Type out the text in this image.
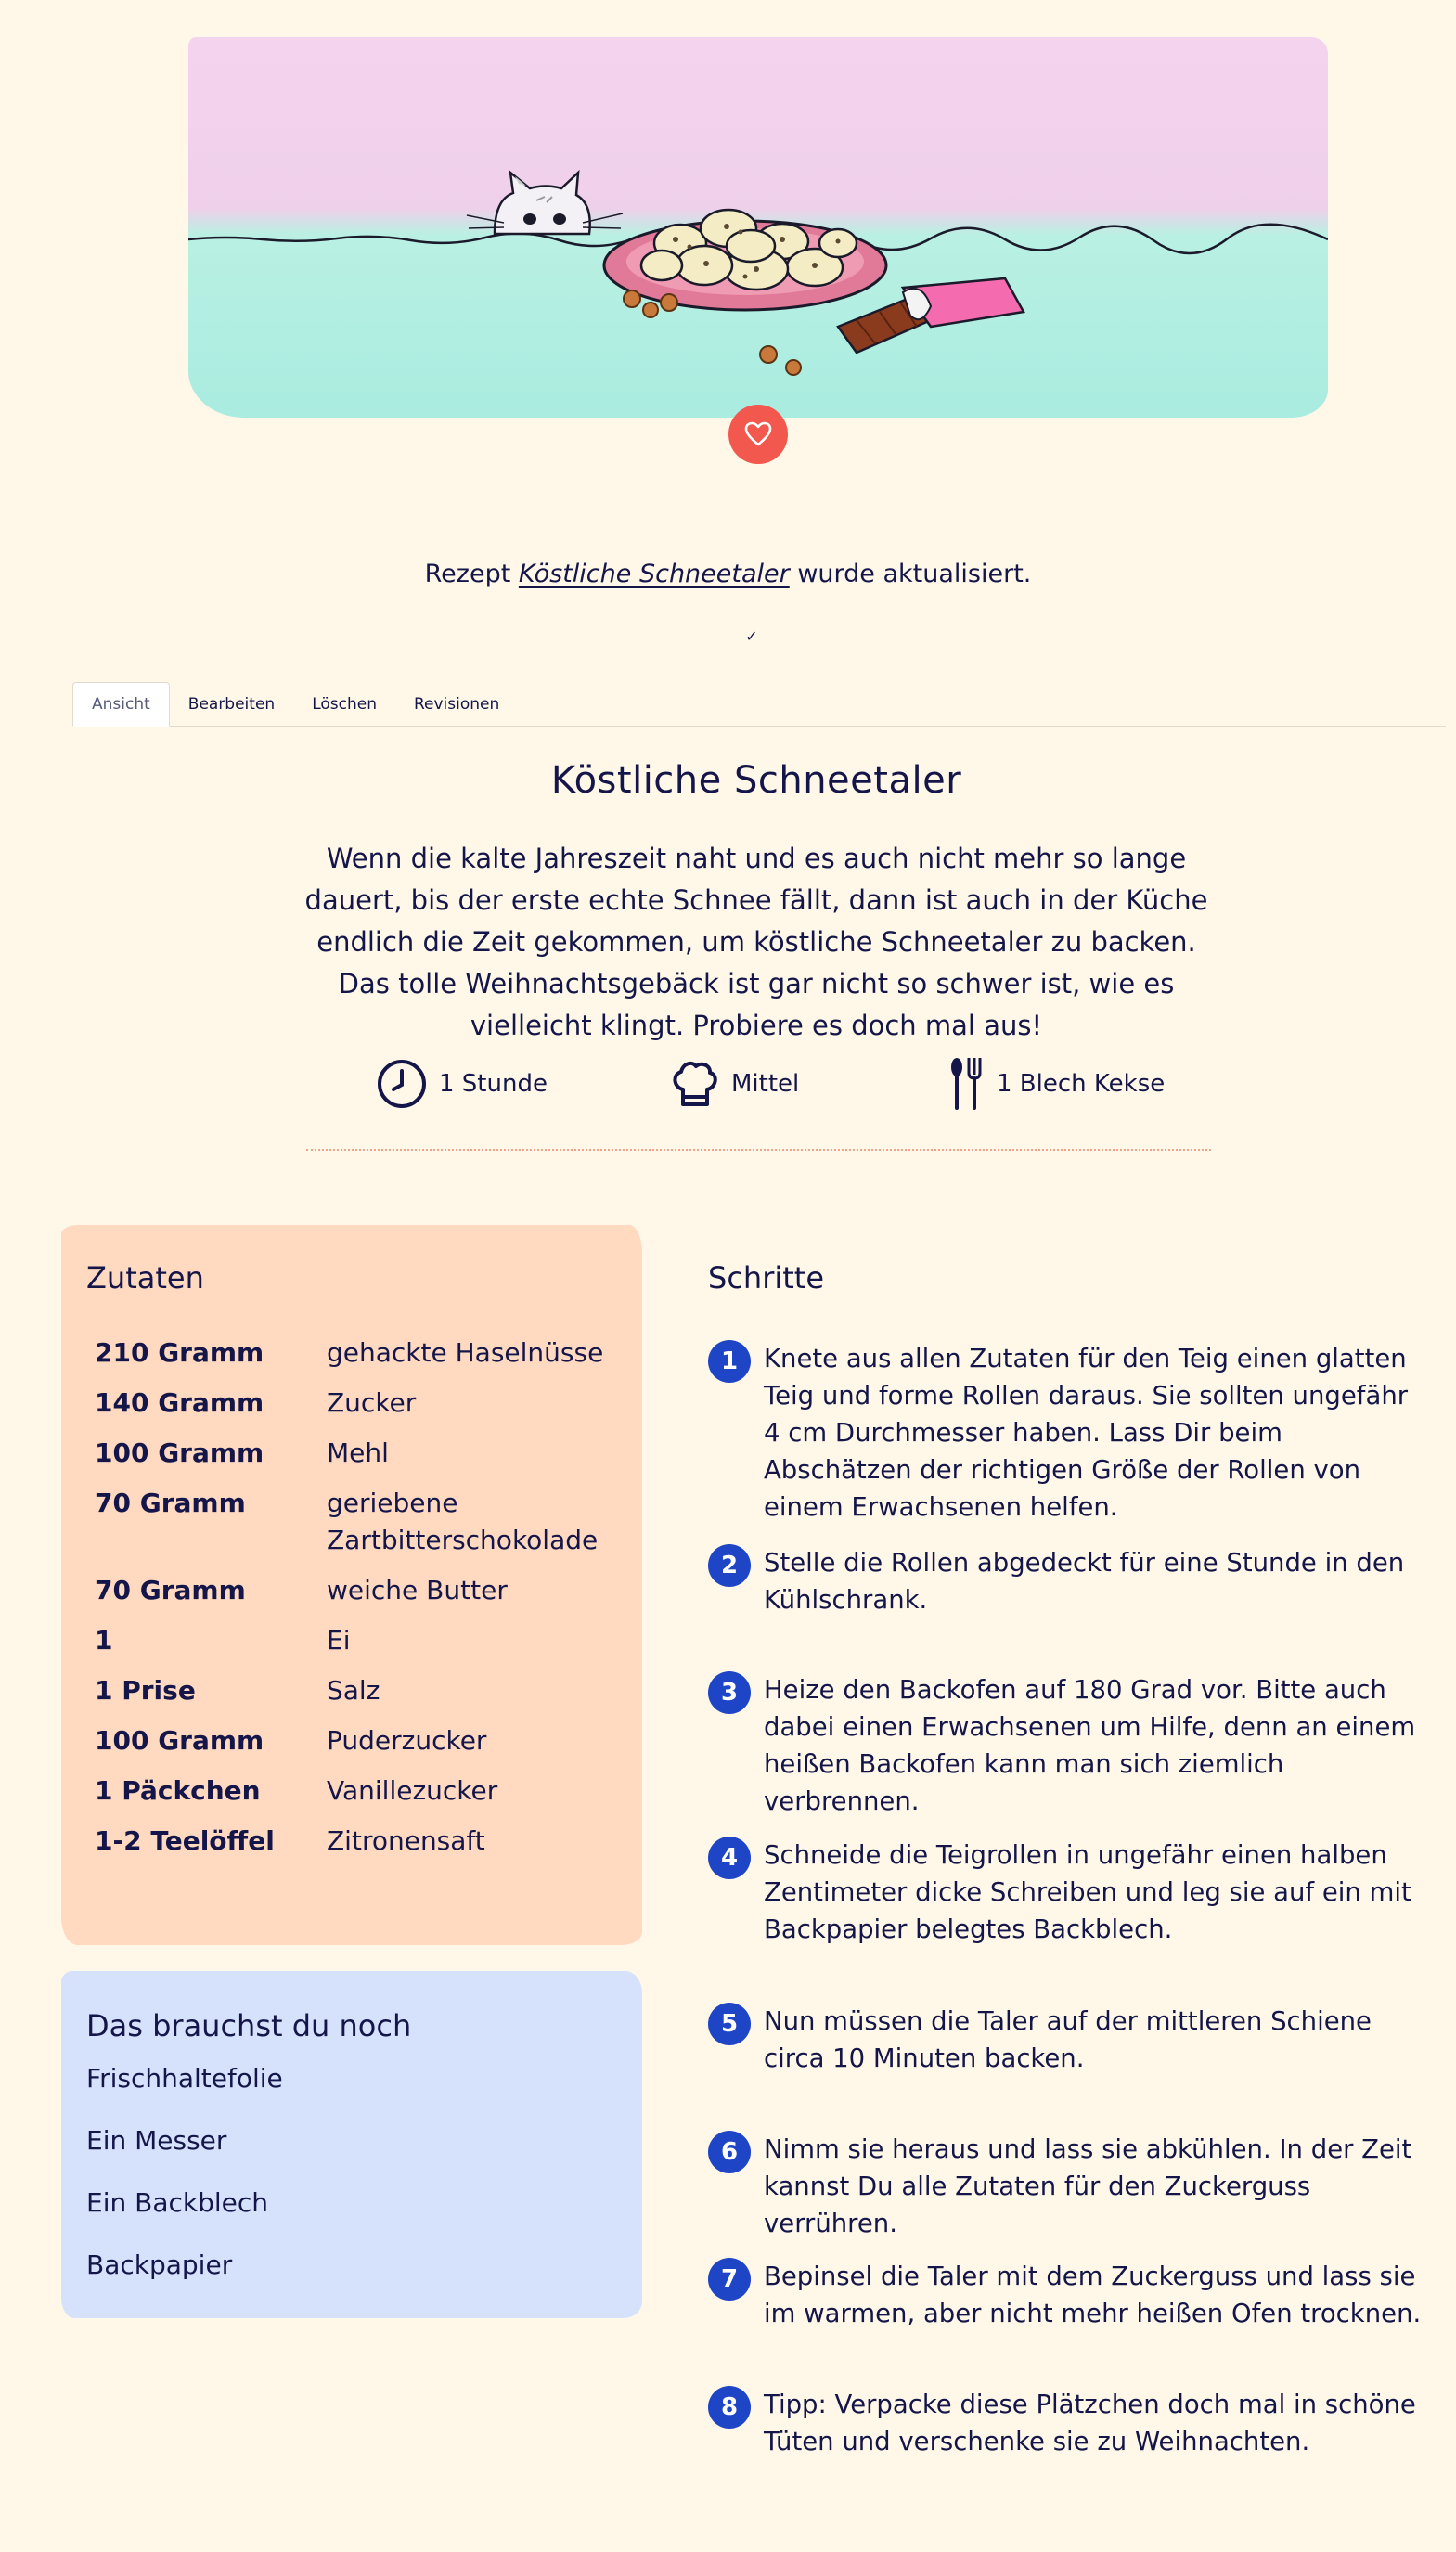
Rezept Köstliche Schneetaler wurde aktualisiert.
✓
Ansicht	Bearbeiten	Löschen	Revisionen
Köstliche Schneetaler

Wenn die kalte Jahreszeit naht und es auch nicht mehr so lange dauert, bis der erste echte Schnee fällt, dann ist auch in der Küche endlich die Zeit gekommen, um köstliche Schneetaler zu backen. Das tolle Weihnachtsgebäck ist gar nicht so schwer ist, wie es vielleicht klingt. Probiere es doch mal aus!

1 Stunde	Mittel	1 Blech Kekse
Zutaten
210 Gramm	gehackte Haselnüsse
140 Gramm	Zucker
100 Gramm	Mehl
70 Gramm	geriebene Zartbitterschokolade
70 Gramm	weiche Butter
1	Ei
1 Prise	Salz
100 Gramm	Puderzucker
1 Päckchen	Vanillezucker
1-2 Teelöffel	Zitronensaft
Das brauchst du noch
Frischhaltefolie
Ein Messer
Ein Backblech
Backpapier
Schritte
1	Knete aus allen Zutaten für den Teig einen glatten Teig und forme Rollen daraus. Sie sollten ungefähr 4 cm Durchmesser haben. Lass Dir beim Abschätzen der richtigen Größe der Rollen von einem Erwachsenen helfen.
2	Stelle die Rollen abgedeckt für eine Stunde in den Kühlschrank.
3	Heize den Backofen auf 180 Grad vor. Bitte auch dabei einen Erwachsenen um Hilfe, denn an einem heißen Backofen kann man sich ziemlich verbrennen.
4	Schneide die Teigrollen in ungefähr einen halben Zentimeter dicke Schreiben und leg sie auf ein mit Backpapier belegtes Backblech.
5	Nun müssen die Taler auf der mittleren Schiene circa 10 Minuten backen.
6	Nimm sie heraus und lass sie abkühlen. In der Zeit kannst Du alle Zutaten für den Zuckerguss verrühren.
7	Bepinsel die Taler mit dem Zuckerguss und lass sie im warmen, aber nicht mehr heißen Ofen trocknen.
8	Tipp: Verpacke diese Plätzchen doch mal in schöne Tüten und verschenke sie zu Weihnachten.
